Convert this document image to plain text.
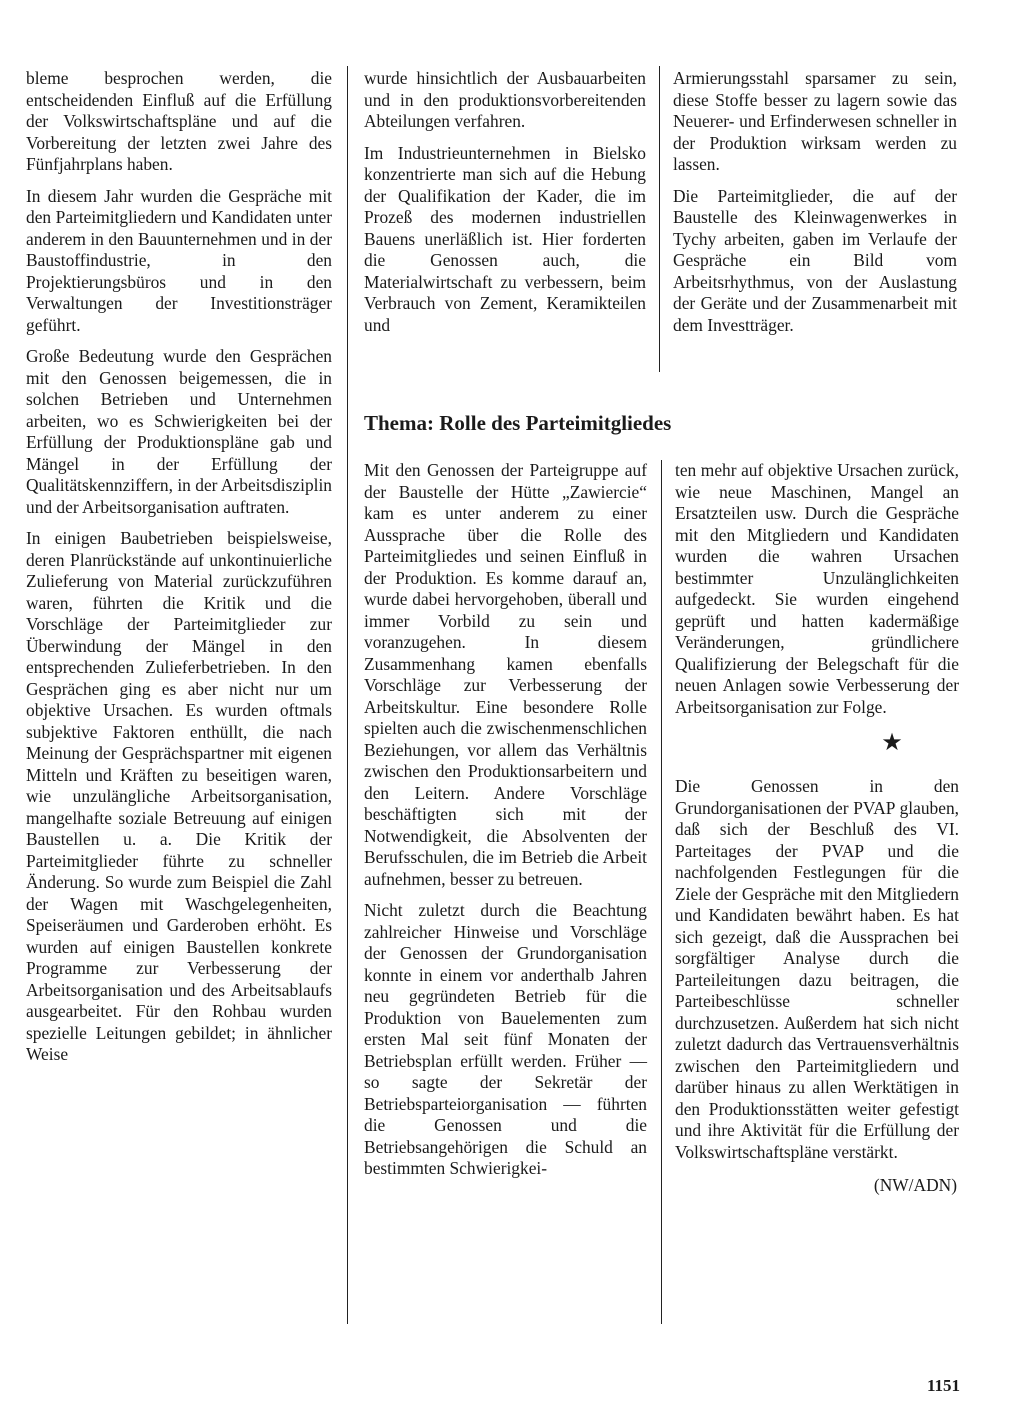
bleme besprochen werden, die entscheidenden Einfluß auf die Erfüllung der Volkswirtschaftspläne und auf die Vorbereitung der letzten zwei Jahre des Fünfjahrplans haben.

In diesem Jahr wurden die Gespräche mit den Parteimitgliedern und Kandidaten unter anderem in den Bauunternehmen und in der Baustoffindustrie, in den Projektierungsbüros und in den Verwaltungen der Investitionsträger geführt.

Große Bedeutung wurde den Gesprächen mit den Genossen beigemessen, die in solchen Betrieben und Unternehmen arbeiten, wo es Schwierigkeiten bei der Erfüllung der Produktionspläne gab und Mängel in der Erfüllung der Qualitätskennziffern, in der Arbeitsdisziplin und der Arbeitsorganisation auftraten.

In einigen Baubetrieben beispielsweise, deren Planrückstände auf unkontinuierliche Zulieferung von Material zurückzuführen waren, führten die Kritik und die Vorschläge der Parteimitglieder zur Überwindung der Mängel in den entsprechenden Zulieferbetrieben. In den Gesprächen ging es aber nicht nur um objektive Ursachen. Es wurden oftmals subjektive Faktoren enthüllt, die nach Meinung der Gesprächspartner mit eigenen Mitteln und Kräften zu beseitigen waren, wie unzulängliche Arbeitsorganisation, mangelhafte soziale Betreuung auf einigen Baustellen u. a. Die Kritik der Parteimitglieder führte zu schneller Änderung. So wurde zum Beispiel die Zahl der Wagen mit Waschgelegenheiten, Speiseräumen und Garderoben erhöht. Es wurden auf einigen Baustellen konkrete Programme zur Verbesserung der Arbeitsorganisation und des Arbeitsablaufs ausgearbeitet. Für den Rohbau wurden spezielle Leitungen gebildet; in ähnlicher Weise

wurde hinsichtlich der Ausbauarbeiten und in den produktionsvorbereitenden Abteilungen verfahren.

Im Industrieunternehmen in Bielsko konzentrierte man sich auf die Hebung der Qualifikation der Kader, die im Prozeß des modernen industriellen Bauens unerläßlich ist. Hier forderten die Genossen auch, die Materialwirtschaft zu verbessern, beim Verbrauch von Zement, Keramikteilen und

Armierungsstahl sparsamer zu sein, diese Stoffe besser zu lagern sowie das Neuerer- und Erfinderwesen schneller in der Produktion wirksam werden zu lassen.

Die Parteimitglieder, die auf der Baustelle des Kleinwagenwerkes in Tychy arbeiten, gaben im Verlaufe der Gespräche ein Bild vom Arbeitsrhythmus, von der Auslastung der Geräte und der Zusammenarbeit mit dem Investträger.

Thema: Rolle des Parteimitgliedes

Mit den Genossen der Parteigruppe auf der Baustelle der Hütte „Zawiercie“ kam es unter anderem zu einer Aussprache über die Rolle des Parteimitgliedes und seinen Einfluß in der Produktion. Es komme darauf an, wurde dabei hervorgehoben, überall und immer Vorbild zu sein und voranzugehen. In diesem Zusammenhang kamen ebenfalls Vorschläge zur Verbesserung der Arbeitskultur. Eine besondere Rolle spielten auch die zwischenmenschlichen Beziehungen, vor allem das Verhältnis zwischen den Produktionsarbeitern und den Leitern. Andere Vorschläge beschäftigten sich mit der Notwendigkeit, die Absolventen der Berufsschulen, die im Betrieb die Arbeit aufnehmen, besser zu betreuen.

Nicht zuletzt durch die Beachtung zahlreicher Hinweise und Vorschläge der Genossen der Grundorganisation konnte in einem vor anderthalb Jahren neu gegründeten Betrieb für die Produktion von Bauelementen zum ersten Mal seit fünf Monaten der Betriebsplan erfüllt werden. Früher — so sagte der Sekretär der Betriebsparteiorganisation — führten die Genossen und die Betriebsangehörigen die Schuld an bestimmten Schwierigkei-

ten mehr auf objektive Ursachen zurück, wie neue Maschinen, Mangel an Ersatzteilen usw. Durch die Gespräche mit den Mitgliedern und Kandidaten wurden die wahren Ursachen bestimmter Unzulänglichkeiten aufgedeckt. Sie wurden eingehend geprüft und hatten kadermäßige Veränderungen, gründlichere Qualifizierung der Belegschaft für die neuen Anlagen sowie Verbesserung der Arbeitsorganisation zur Folge.

★

Die Genossen in den Grundorganisationen der PVAP glauben, daß sich der Beschluß des VI. Parteitages der PVAP und die nachfolgenden Festlegungen für die Ziele der Gespräche mit den Mitgliedern und Kandidaten bewährt haben. Es hat sich gezeigt, daß die Aussprachen bei sorgfältiger Analyse durch die Parteileitungen dazu beitragen, die Parteibeschlüsse schneller durchzusetzen. Außerdem hat sich nicht zuletzt dadurch das Vertrauensverhältnis zwischen den Parteimitgliedern und darüber hinaus zu allen Werktätigen in den Produktionsstätten weiter gefestigt und ihre Aktivität für die Erfüllung der Volkswirtschaftspläne verstärkt.

(NW/ADN)
1151
